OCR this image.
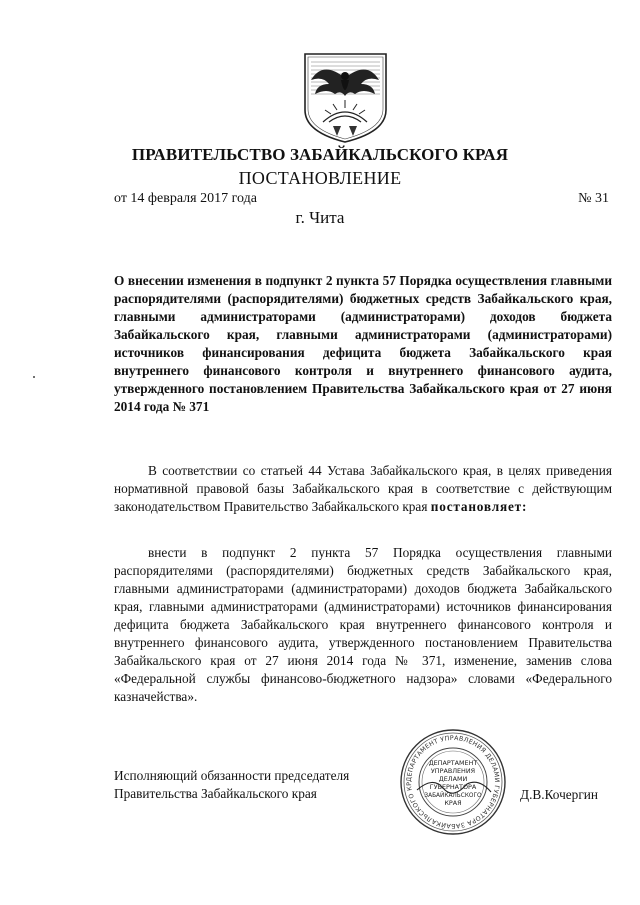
ПРАВИТЕЛЬСТВО ЗАБАЙКАЛЬСКОГО КРАЯ
ПОСТАНОВЛЕНИЕ
от 14 февраля 2017 года	№ 31
г. Чита
О внесении изменения в подпункт 2 пункта 57 Порядка осуществления главными распорядителями (распорядителями) бюджетных средств Забайкальского края, главными администраторами (администраторами) доходов бюджета Забайкальского края, главными администраторами (администраторами) источников финансирования дефицита бюджета Забайкальского края внутреннего финансового контроля и внутреннего финансового аудита, утвержденного постановлением Правительства Забайкальского края от 27 июня 2014 года № 371
В соответствии со статьей 44 Устава Забайкальского края, в целях приведения нормативной правовой базы Забайкальского края в соответствие с действующим законодательством Правительство Забайкальского края постановляет:
внести в подпункт 2 пункта 57 Порядка осуществления главными распорядителями (распорядителями) бюджетных средств Забайкальского края, главными администраторами (администраторами) доходов бюджета Забайкальского края, главными администраторами (администраторами) источников финансирования дефицита бюджета Забайкальского края внутреннего финансового контроля и внутреннего финансового аудита, утвержденного постановлением Правительства Забайкальского края от 27 июня 2014 года № 371, изменение, заменив слова «Федеральной службы финансово-бюджетного надзора» словами «Федерального казначейства».
Исполняющий обязанности председателя
Правительства Забайкальского края
ДЕПАРТАМЕНТ УПРАВЛЕНИЯ ДЕЛАМИ ГУБЕРНАТОРА ЗАБАЙКАЛЬСКОГО КР
ДЕПАРТАМЕНТ
УПРАВЛЕНИЯ
ДЕЛАМИ
ГУБЕРНАТОРА
ЗАБАЙКАЛЬСКОГО
КРАЯ
Д.В.Кочергин
